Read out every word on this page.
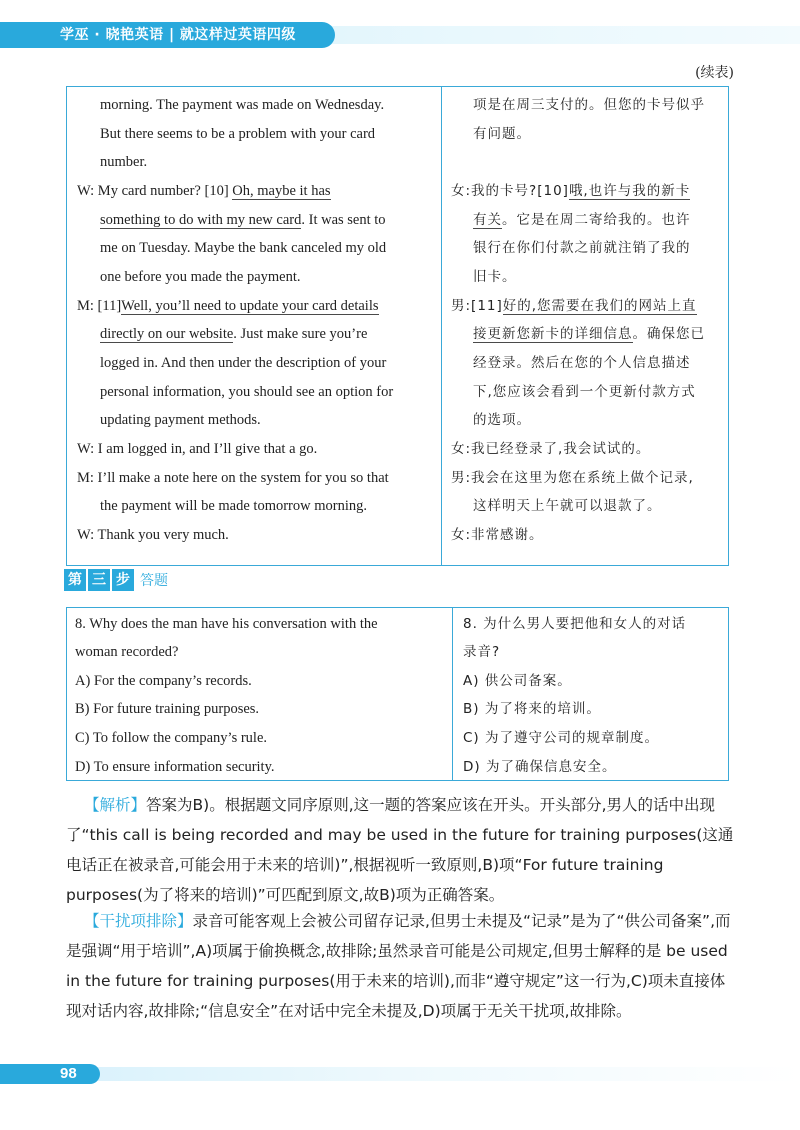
学巫 · 晓艳英语 | 就这样过英语四级
(续表)
morning. The payment was made on Wednesday.
But there seems to be a problem with your card
number.
W: My card number? [10] Oh, maybe it has
something to do with my new card. It was sent to
me on Tuesday. Maybe the bank canceled my old
one before you made the payment.
M: [11]Well, you’ll need to update your card details
directly on our website. Just make sure you’re
logged in. And then under the description of your
personal information, you should see an option for
updating payment methods.
W: I am logged in, and I’ll give that a go.
M: I’ll make a note here on the system for you so that
the payment will be made tomorrow morning.
W: Thank you very much.
项是在周三支付的。但您的卡号似乎
有问题。
女:我的卡号?[10]哦,也许与我的新卡
有关。它是在周二寄给我的。也许
银行在你们付款之前就注销了我的
旧卡。
男:[11]好的,您需要在我们的网站上直
接更新您新卡的详细信息。确保您已
经登录。然后在您的个人信息描述
下,您应该会看到一个更新付款方式
的选项。
女:我已经登录了,我会试试的。
男:我会在这里为您在系统上做个记录,
这样明天上午就可以退款了。
女:非常感谢。
第 三 步 答题
8. Why does the man have his conversation with the
woman recorded?
A) For the company’s records.
B) For future training purposes.
C) To follow the company’s rule.
D) To ensure information security.
8. 为什么男人要把他和女人的对话
录音?
A) 供公司备案。
B) 为了将来的培训。
C) 为了遵守公司的规章制度。
D) 为了确保信息安全。
【解析】答案为B)。根据题文同序原则,这一题的答案应该在开头。开头部分,男人的话中出现了“this call is being recorded and may be used in the future for training purposes(这通电话正在被录音,可能会用于未来的培训)”,根据视听一致原则,B)项“For future training purposes(为了将来的培训)”可匹配到原文,故B)项为正确答案。
【干扰项排除】录音可能客观上会被公司留存记录,但男士未提及“记录”是为了“供公司备案”,而是强调“用于培训”,A)项属于偷换概念,故排除;虽然录音可能是公司规定,但男士解释的是 be used in the future for training purposes(用于未来的培训),而非“遵守规定”这一行为,C)项未直接体现对话内容,故排除;“信息安全”在对话中完全未提及,D)项属于无关干扰项,故排除。
98
